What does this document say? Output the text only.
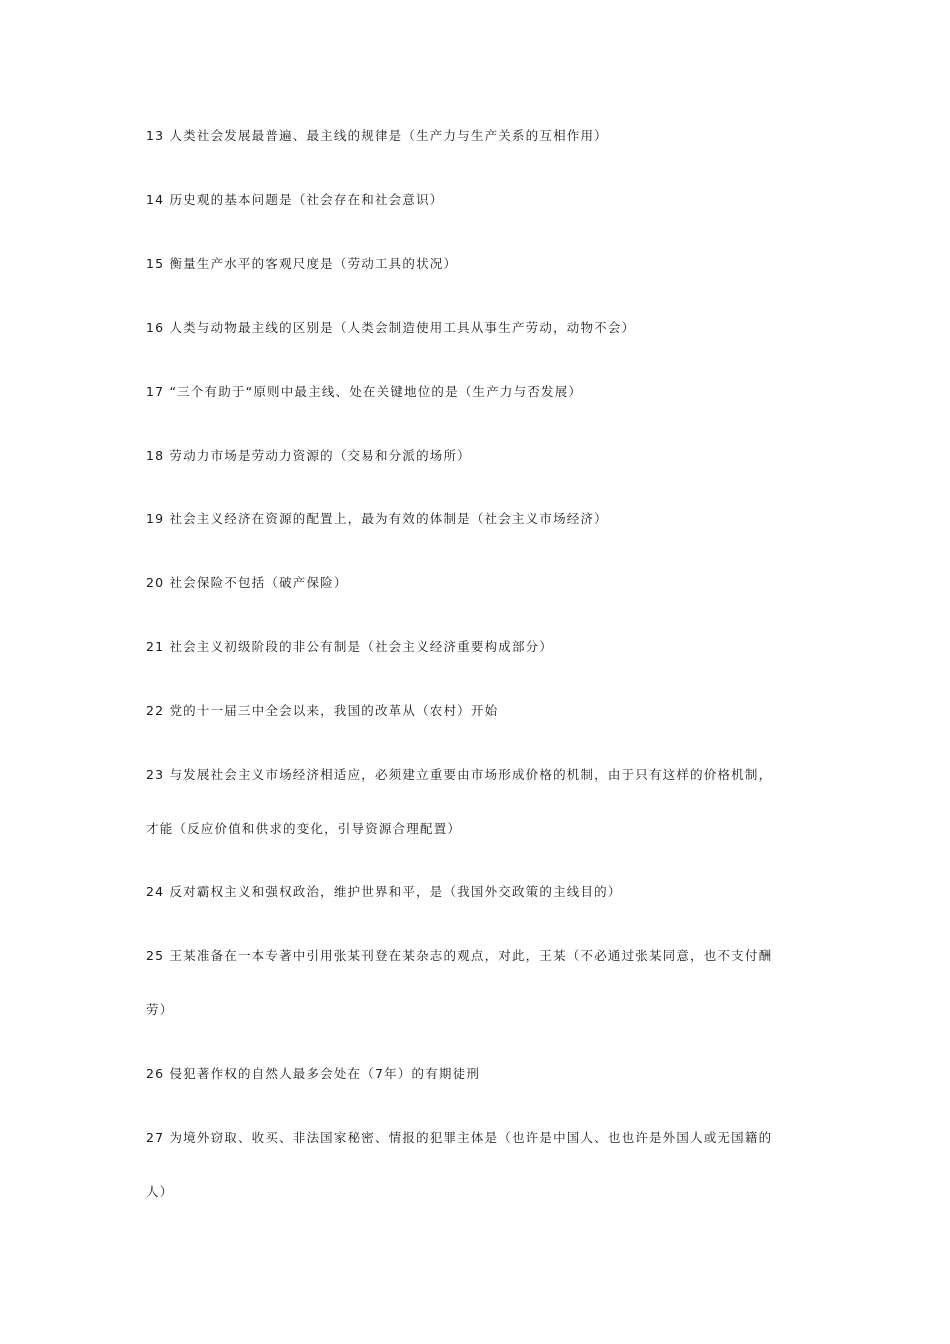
13 人类社会发展最普遍、最主线的规律是（生产力与生产关系的互相作用）
14 历史观的基本问题是（社会存在和社会意识）
15 衡量生产水平的客观尺度是（劳动工具的状况）
16 人类与动物最主线的区别是（人类会制造使用工具从事生产劳动，动物不会）
17 “三个有助于“原则中最主线、处在关键地位的是（生产力与否发展）
18 劳动力市场是劳动力资源的（交易和分派的场所）
19 社会主义经济在资源的配置上，最为有效的体制是（社会主义市场经济）
20 社会保险不包括（破产保险）
21 社会主义初级阶段的非公有制是（社会主义经济重要构成部分）
22 党的十一届三中全会以来，我国的改革从（农村）开始
23 与发展社会主义市场经济相适应，必须建立重要由市场形成价格的机制，由于只有这样的价格机制，
才能（反应价值和供求的变化，引导资源合理配置）
24 反对霸权主义和强权政治，维护世界和平，是（我国外交政策的主线目的）
25 王某准备在一本专著中引用张某刊登在某杂志的观点，对此，王某（不必通过张某同意，也不支付酬
劳）
26 侵犯著作权的自然人最多会处在（7年）的有期徒刑
27 为境外窃取、收买、非法国家秘密、情报的犯罪主体是（也许是中国人、也也许是外国人或无国籍的
人）
